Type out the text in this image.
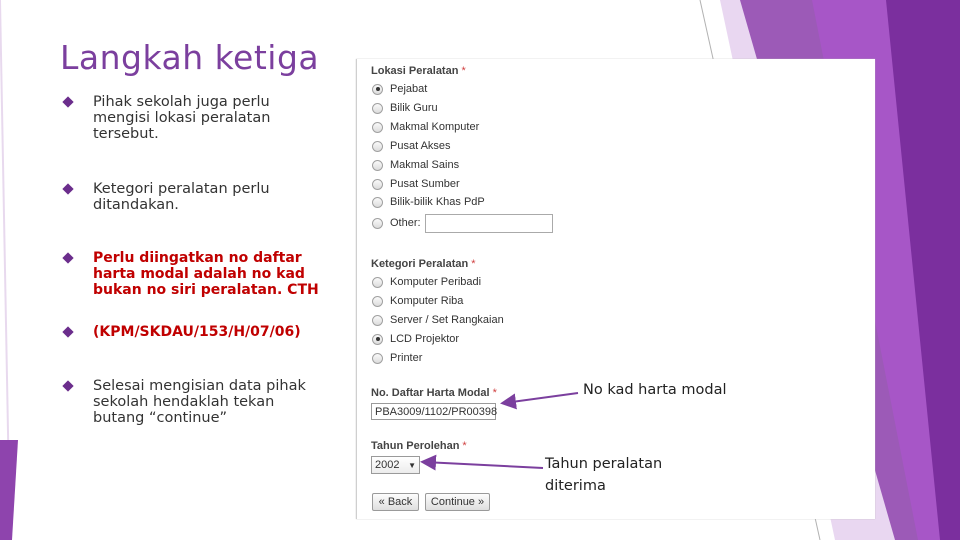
Langkah ketiga
Pihak sekolah juga perlu mengisi lokasi peralatan tersebut.
Ketegori peralatan perlu ditandakan.
Perlu diingatkan no daftar harta modal adalah no kad bukan no siri peralatan. CTH
(KPM/SKDAU/153/H/07/06)
Selesai mengisian data pihak sekolah hendaklah tekan butang “continue”
Lokasi Peralatan *
Pejabat
Bilik Guru
Makmal Komputer
Pusat Akses
Makmal Sains
Pusat Sumber
Bilik-bilik Khas PdP
Other:
Ketegori Peralatan *
Komputer Peribadi
Komputer Riba
Server / Set Rangkaian
LCD Projektor
Printer
No. Daftar Harta Modal *
PBA3009/1102/PR00398
Tahun Perolehan *
2002 ▼
« Back	Continue »
No kad harta modal
Tahun peralatan diterima
